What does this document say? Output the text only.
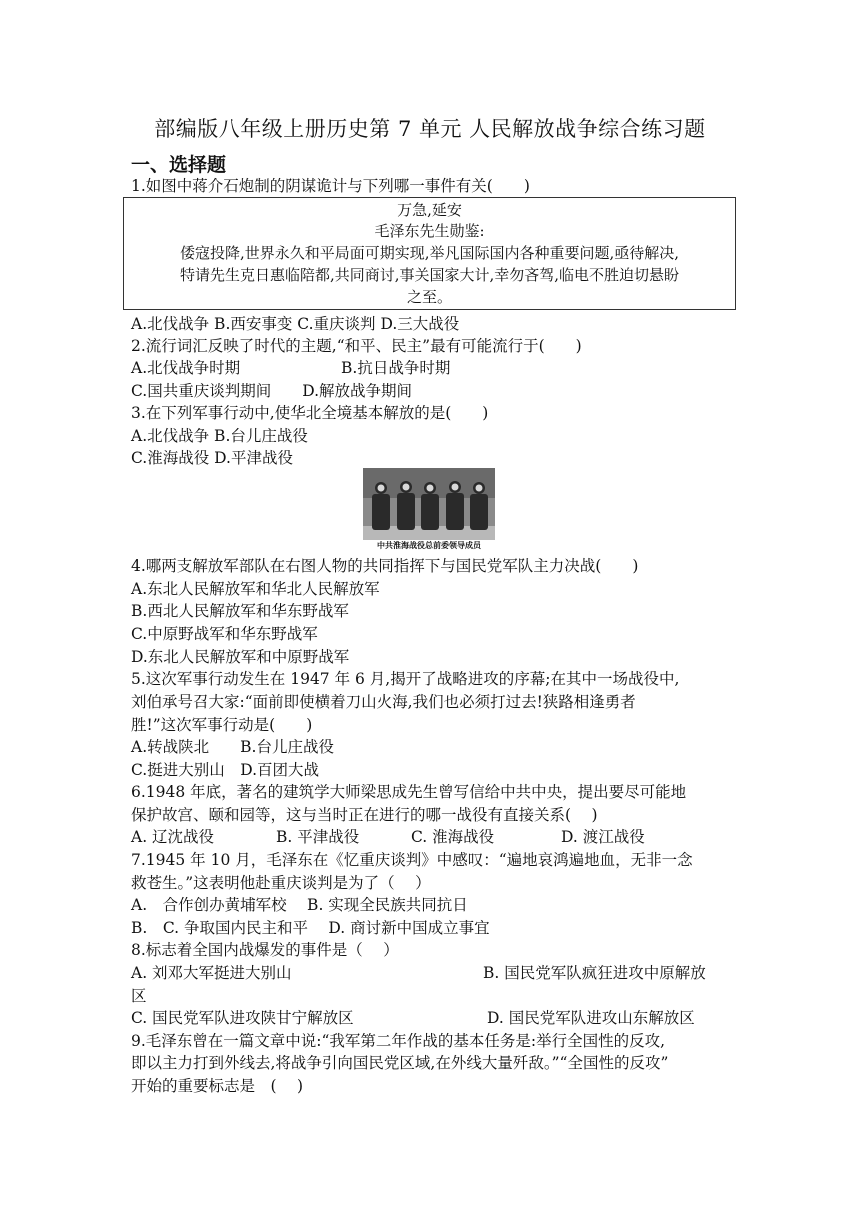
部编版八年级上册历史第 7 单元 人民解放战争综合练习题
一、选择题
1.如图中蒋介石炮制的阴谋诡计与下列哪一事件有关(　　)
万急,延安
毛泽东先生勋鉴:
倭寇投降,世界永久和平局面可期实现,举凡国际国内各种重要问题,亟待解决,
特请先生克日惠临陪都,共同商讨,事关国家大计,幸勿吝驾,临电不胜迫切悬盼
之至。
A.北伐战争 B.西安事变 C.重庆谈判 D.三大战役
2.流行词汇反映了时代的主题,“和平、民主”最有可能流行于(　　)
A.北伐战争时期	B.抗日战争时期
C.国共重庆谈判期间　　D.解放战争期间
3.在下列军事行动中,使华北全境基本解放的是(　　)
A.北伐战争 B.台儿庄战役
C.淮海战役 D.平津战役
中共淮海战役总前委领导成员
4.哪两支解放军部队在右图人物的共同指挥下与国民党军队主力决战(　　)
A.东北人民解放军和华北人民解放军
B.西北人民解放军和华东野战军
C.中原野战军和华东野战军
D.东北人民解放军和中原野战军
5.这次军事行动发生在 1947 年 6 月,揭开了战略进攻的序幕;在其中一场战役中,
刘伯承号召大家:“面前即使横着刀山火海,我们也必须打过去!狭路相逢勇者
胜!”这次军事行动是(　　)
A.转战陕北　　B.台儿庄战役
C.挺进大别山　D.百团大战
6.1948 年底，著名的建筑学大师梁思成先生曾写信给中共中央，提出要尽可能地
保护故宫、颐和园等，这与当时正在进行的哪一战役有直接关系(　 )
A. 辽沈战役	B. 平津战役	C. 淮海战役	D. 渡江战役
7.1945 年 10 月，毛泽东在《忆重庆谈判》中感叹：“遍地哀鸿遍地血，无非一念
救苍生。”这表明他赴重庆谈判是为了（　 ）
A.　合作创办黄埔军校　 B. 实现全民族共同抗日
B.　C. 争取国内民主和平　 D. 商讨新中国成立事宜
8.标志着全国内战爆发的事件是（　 ）
A. 刘邓大军挺进大别山	B. 国民党军队疯狂进攻中原解放
区
C. 国民党军队进攻陕甘宁解放区	D. 国民党军队进攻山东解放区
9.毛泽东曾在一篇文章中说:“我军第二年作战的基本任务是:举行全国性的反攻,
即以主力打到外线去,将战争引向国民党区域,在外线大量歼敌。”“全国性的反攻”
开始的重要标志是　(　 )
